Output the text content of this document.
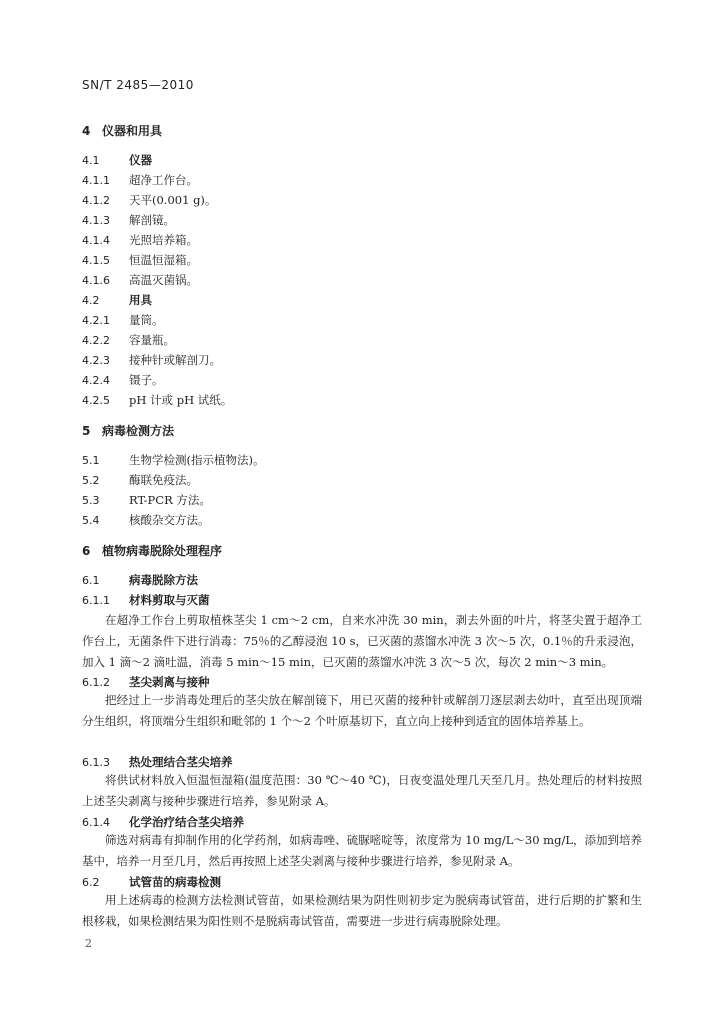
SN/T 2485—2010
4 仪器和用具
4.1	仪器
4.1.1 超净工作台。
4.1.2 天平(0.001 g)。
4.1.3 解剖镜。
4.1.4 光照培养箱。
4.1.5 恒温恒湿箱。
4.1.6 高温灭菌锅。
4.2	用具
4.2.1 量筒。
4.2.2 容量瓶。
4.2.3 接种针或解剖刀。
4.2.4 镊子。
4.2.5 pH 计或 pH 试纸。
5 病毒检测方法
5.1	生物学检测(指示植物法)。
5.2	酶联免疫法。
5.3	RT-PCR 方法。
5.4	核酸杂交方法。
6 植物病毒脱除处理程序
6.1	病毒脱除方法
6.1.1 材料剪取与灭菌
在超净工作台上剪取植株茎尖 1 cm～2 cm，自来水冲洗 30 min，剥去外面的叶片，将茎尖置于超净工作台上，无菌条件下进行消毒：75％的乙醇浸泡 10 s，已灭菌的蒸馏水冲洗 3 次～5 次，0.1％的升汞浸泡，加入 1 滴～2 滴吐温，消毒 5 min～15 min，已灭菌的蒸馏水冲洗 3 次～5 次，每次 2 min～3 min。
6.1.2 茎尖剥离与接种
把经过上一步消毒处理后的茎尖放在解剖镜下，用已灭菌的接种针或解剖刀逐层剥去幼叶，直至出现顶端分生组织，将顶端分生组织和毗邻的 1 个～2 个叶原基切下，直立向上接种到适宜的固体培养基上。
6.1.3 热处理结合茎尖培养
将供试材料放入恒温恒湿箱(温度范围：30 ℃～40 ℃)，日夜变温处理几天至几月。热处理后的材料按照上述茎尖剥离与接种步骤进行培养，参见附录 A。
6.1.4 化学治疗结合茎尖培养
筛选对病毒有抑制作用的化学药剂，如病毒唑、硫脲嘧啶等，浓度常为 10 mg/L～30 mg/L，添加到培养基中，培养一月至几月，然后再按照上述茎尖剥离与接种步骤进行培养，参见附录 A。
6.2	试管苗的病毒检测
用上述病毒的检测方法检测试管苗，如果检测结果为阴性则初步定为脱病毒试管苗，进行后期的扩繁和生根移栽，如果检测结果为阳性则不是脱病毒试管苗，需要进一步进行病毒脱除处理。
2
